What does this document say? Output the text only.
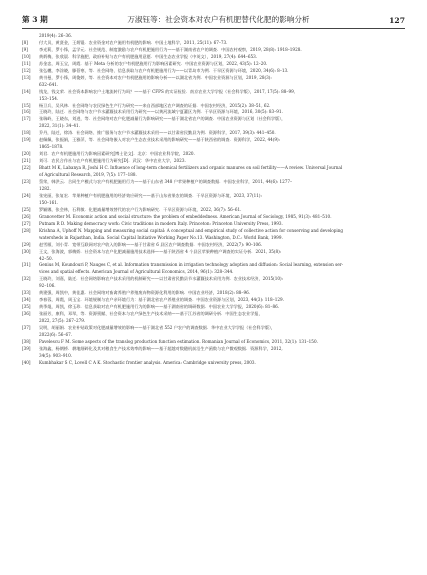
第 3 期	万淑钰等：社会资本对农户有机肥替代化肥的影响分析	127
2019(4): 26–36.
[8]	付大贝，黄贤金，王炳锟．农业资金对农户施用有机肥的影响．中国土地科学，2011, 25(11): 67–73.
[9]	李光莉，罗小锋，孟学元．社会规范、制度激励与农户有机肥施用行为——基于湖南省农户的调查．中国农村观察，2019, 28(8): 1918–1928.
[10] 黄炳梅，张欣晨．科学施肥、政府补贴与农户有机肥施用意愿．中国生态农业学报（中英文），2019, 27(4): 644–653.
[11] 苏金忠，周玉宝，周霞．基于 Meta 分析的农户有机肥施用行为影响因素研究．中国农业资源与区划，2022, 43(5): 12–20.
[12] 张弘樾，李涂晓，滕蓓寒，等．社会网络、信息获取与农户有机肥施用行为——以青岛市为例．干旱区资源与环境，2020, 34(6): 8–13.
[13] 黄书曼，罗小锋，周俊婷，等．社会资本对农户有机肥施用的影响分析——以湖北省为例．中国农业资源与区划，2019, 28(3):
632–641.
[14] 钱龙，钱文荣．社会资本影响农户土地流转行为吗？——基于 CFPS 的实证检验．南京农业大学学报（社会科学版），2017, 17(5): 88–99,
153–154.
[15] 杨卫兵，吴风林．社会网络与农民绿色生产行为研究——来自西部地区农户调查的证据．中国农村经济，2015(2): 38–51, 62.
[16] 王晓玲，陆迁．社会网络与农户节水灌溉技术采用行为研究——以黄河流域宁夏灌区为例．干旱区资源与环境，2016, 30(5): 83–91.
[17] 张瑞岭，王晓东，刘进，等．社会网络对农户化肥减量行为影响研究——基于湖北省农户的调查．中国农业资源与区划（社会科学版），
2022, 31(1): 34–41.
[18] 乔丹，陆迁，徐涛．社会网络、推广服务与农户节水灌溉技术采用——以甘肃省民勤县为例．资源科学，2017, 39(3): 441–450.
[19] 赵佩佩，张振娟，王雅萍，等．社会网络嵌入对农户生态农业技术采用的影响研究——基于陕西省的调查．资源科学，2022, 44(9):
1865–1878.
[20] 刘君．农户有机肥施用行为影响因素研究[博士论文]．北京：中国农业科学院，2020.
[21] 刘可．农民合作社与农户有机肥施用行为研究[D]．武汉：华中农业大学，2023.
[22] Bhatt M K, Labanya R, Joshi H C. Influence of long-term chemical fertilizers and organic manures on soil fertility——A review. Universal Journal
of Agricultural Research, 2019, 7(5): 177–188.
[23] 蔡荣，韩洪云．合同生产模式与农户有机肥施用行为——基于山东省 348 户苹果种植户的调查数据．中国农业科学，2011, 44(6): 1277–
1282.
[24] 张宪丽，张复宏．苹果种植户有机肥施用的经济效应研究——基于山东省果农的调查．干旱区资源与环境，2023, 37(11):
150–161.
[25] 罗颖娜，张会林，石利敏．化肥减量增效替代的农户行为影响研究．干旱区资源与环境，2022, 36(7): 56–61.
[26] Granovetter M. Economic action and social structure: the problem of embeddedness. American Journal of Sociology, 1985, 91(3): 481–510.
[27] Putnam R D. Making democracy work: Civic traditions in modern Italy. Princeton: Princeton University Press, 1993.
[28] Krishna A, Uphoff N. Mapping and measuring social capital: A conceptual and empirical study of collective action for conserving and developing
watersheds in Rajasthan, India. Social Capital Initiative Working Paper No.13. Washington, D.C.: World Bank, 1999.
[29] 赵雪雁，刘小青．宽带互联网对农户收入的影响——基于甘肃省 6 县区农户调查数据．中国农村经济，2022(7): 90–106.
[30] 王文，张海波，郭梅娇．社会资本与农户化肥减量施用技术选择——基于陕西省 4 个县区苹果种植户调查的实证分析．2021, 35(8):
42–50.
[31] Genius M, Koundouri P, Nauges C, et al. Information transmission in irrigation technology adoption and diffusion: Social learning, extension ser-
vices and spatial effects. American Journal of Agricultural Economics, 2014, 96(1): 328–344.
[32] 王晓玲，刘嘉，陆迁．社会网络影响农户技术采用的机制研究——以甘肃省民勤县节水灌溉技术采用为例．农业技术经济，2015(10):
92–106.
[33] 黄建强，周凯中，黄佳惠．社会网络对畜禽养殖户养殖废弃物资源化利用的影响．中国农业经济，2018(2): 88–96.
[34] 李春蓉，周霞，周玉宝．环境规制与农户亲环境行为：基于湖北省农户养殖业的调查．中国农业资源与区划，2023, 44(3): 118–129.
[35] 黄季焜，周凯，徐玉珍．信息获取对农户有机肥施用行为的影响——基于湖南省的调研数据．中国农业大学学报，2020(6): 81–86.
[36] 张丽芳，康科，邓翠，等．资源禀赋、社会资本与农户绿色生产技术采纳——基于江苏省的调研分析．中国生态农业学报，
2022, 27(5): 267–279.
[37] 吴明，胡丽娟．农业补贴政策对化肥减量增效的影响——基于湖北省 552 户农户的调查数据．华中农业大学学报（社会科学版），
2022(6): 56–67.
[38] Pavelescu F M. Some aspects of the translog production function estimation. Romanian Journal of Economics, 2011, 32(1): 131–150.
[39] 张海鑫，杨钢桥．耕地细碎化及其对粮食生产技术效率的影响——基于超越对数随机前沿生产函数与农户微观数据．资源科学，2012,
34(5): 903–910.
[40] Kumbhakar S C, Lovell C A K. Stochastic frontier analysis. America: Cambridge university press, 2003.
